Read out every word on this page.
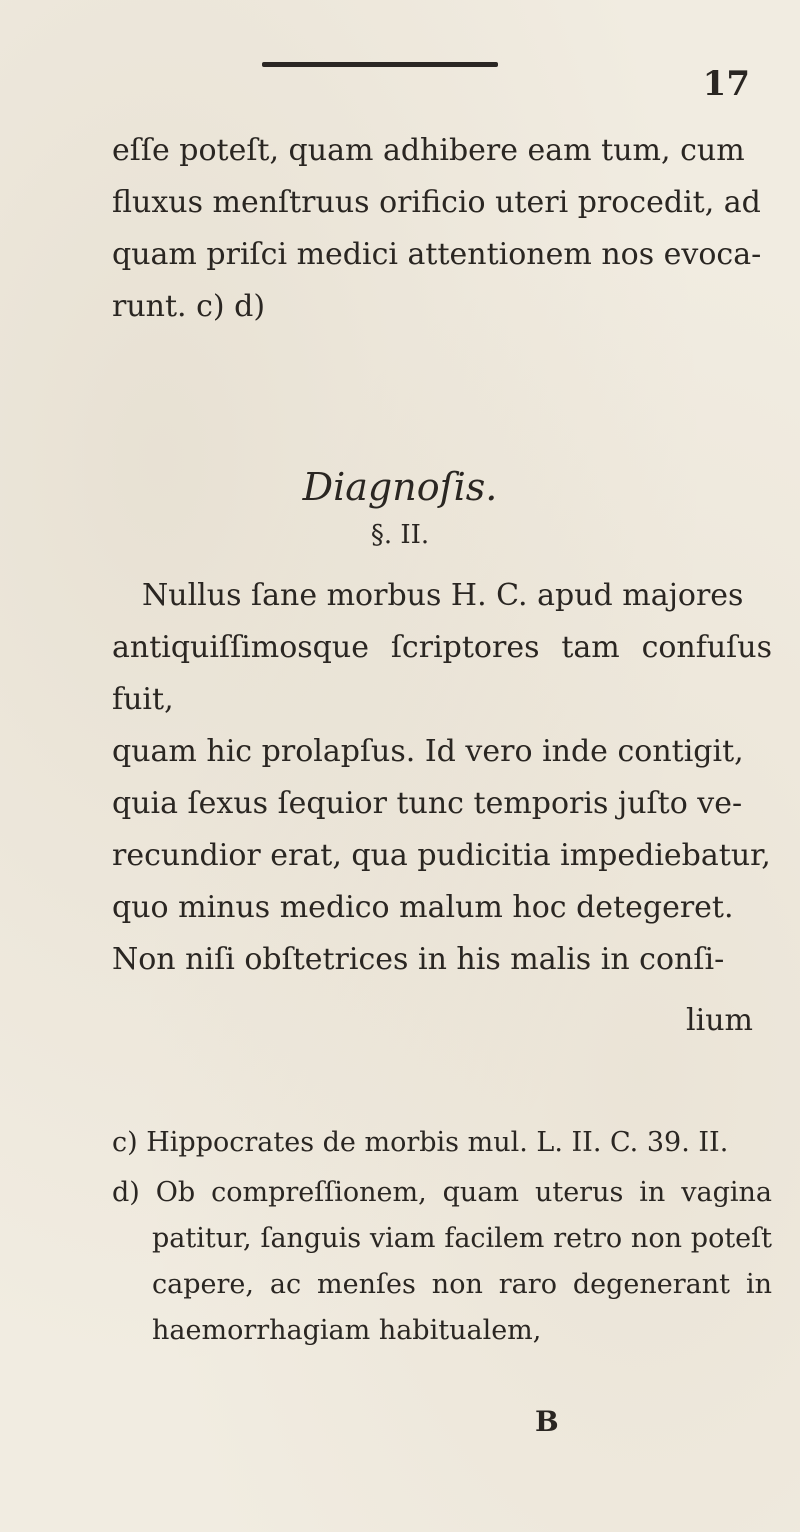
17

eſſe poteſt, quam adhibere eam tum, cum
fluxus menſtruus orificio uteri procedit, ad
quam priſci medici attentionem nos evoca-
runt. c) d)

Diagnoſis.
§. II.

Nullus ſane morbus H. C. apud majores
antiquiſſimosque ſcriptores tam confuſus fuit,
quam hic prolapſus. Id vero inde contigit,
quia ſexus ſequior tunc temporis juſto ve-
recundior erat, qua pudicitia impediebatur,
quo minus medico malum hoc detegeret.
Non niſi obſtetrices in his malis in conſi-

lium

c) Hippocrates de morbis mul. L. II. C. 39. II.

d) Ob compreſſionem, quam uterus in vagina patitur, ſanguis viam facilem retro non poteſt capere, ac menſes non raro degenerant in haemorrhagiam habitualem,

B
